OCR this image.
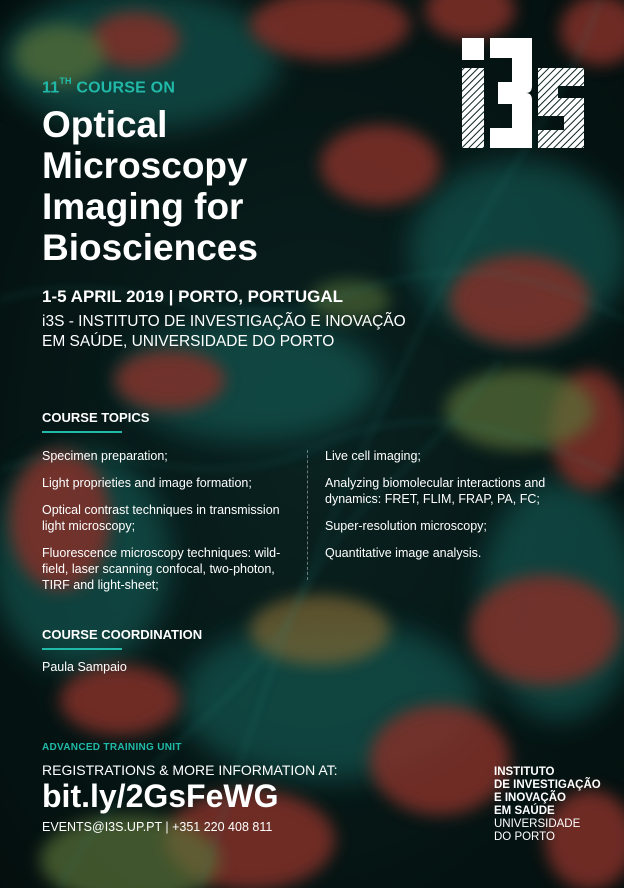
11TH COURSE ON
Optical
Microscopy
Imaging for
Biosciences
1-5 APRIL 2019 | PORTO, PORTUGAL
i3S - INSTITUTO DE INVESTIGAÇÃO E INOVAÇÃO
EM SAÚDE, UNIVERSIDADE DO PORTO
COURSE TOPICS
Specimen preparation;
Light proprieties and image formation;
Optical contrast techniques in transmission light microscopy;
Fluorescence microscopy techniques: wild-field, laser scanning confocal, two-photon, TIRF and light-sheet;
Live cell imaging;
Analyzing biomolecular interactions and dynamics: FRET, FLIM, FRAP, PA, FC;
Super-resolution microscopy;
Quantitative image analysis.
COURSE COORDINATION
Paula Sampaio
ADVANCED TRAINING UNIT
REGISTRATIONS & MORE INFORMATION AT:
bit.ly/2GsFeWG
EVENTS@I3S.UP.PT | +351 220 408 811
INSTITUTO
DE INVESTIGAÇÃO
E INOVAÇÃO
EM SAÚDE
UNIVERSIDADE
DO PORTO
